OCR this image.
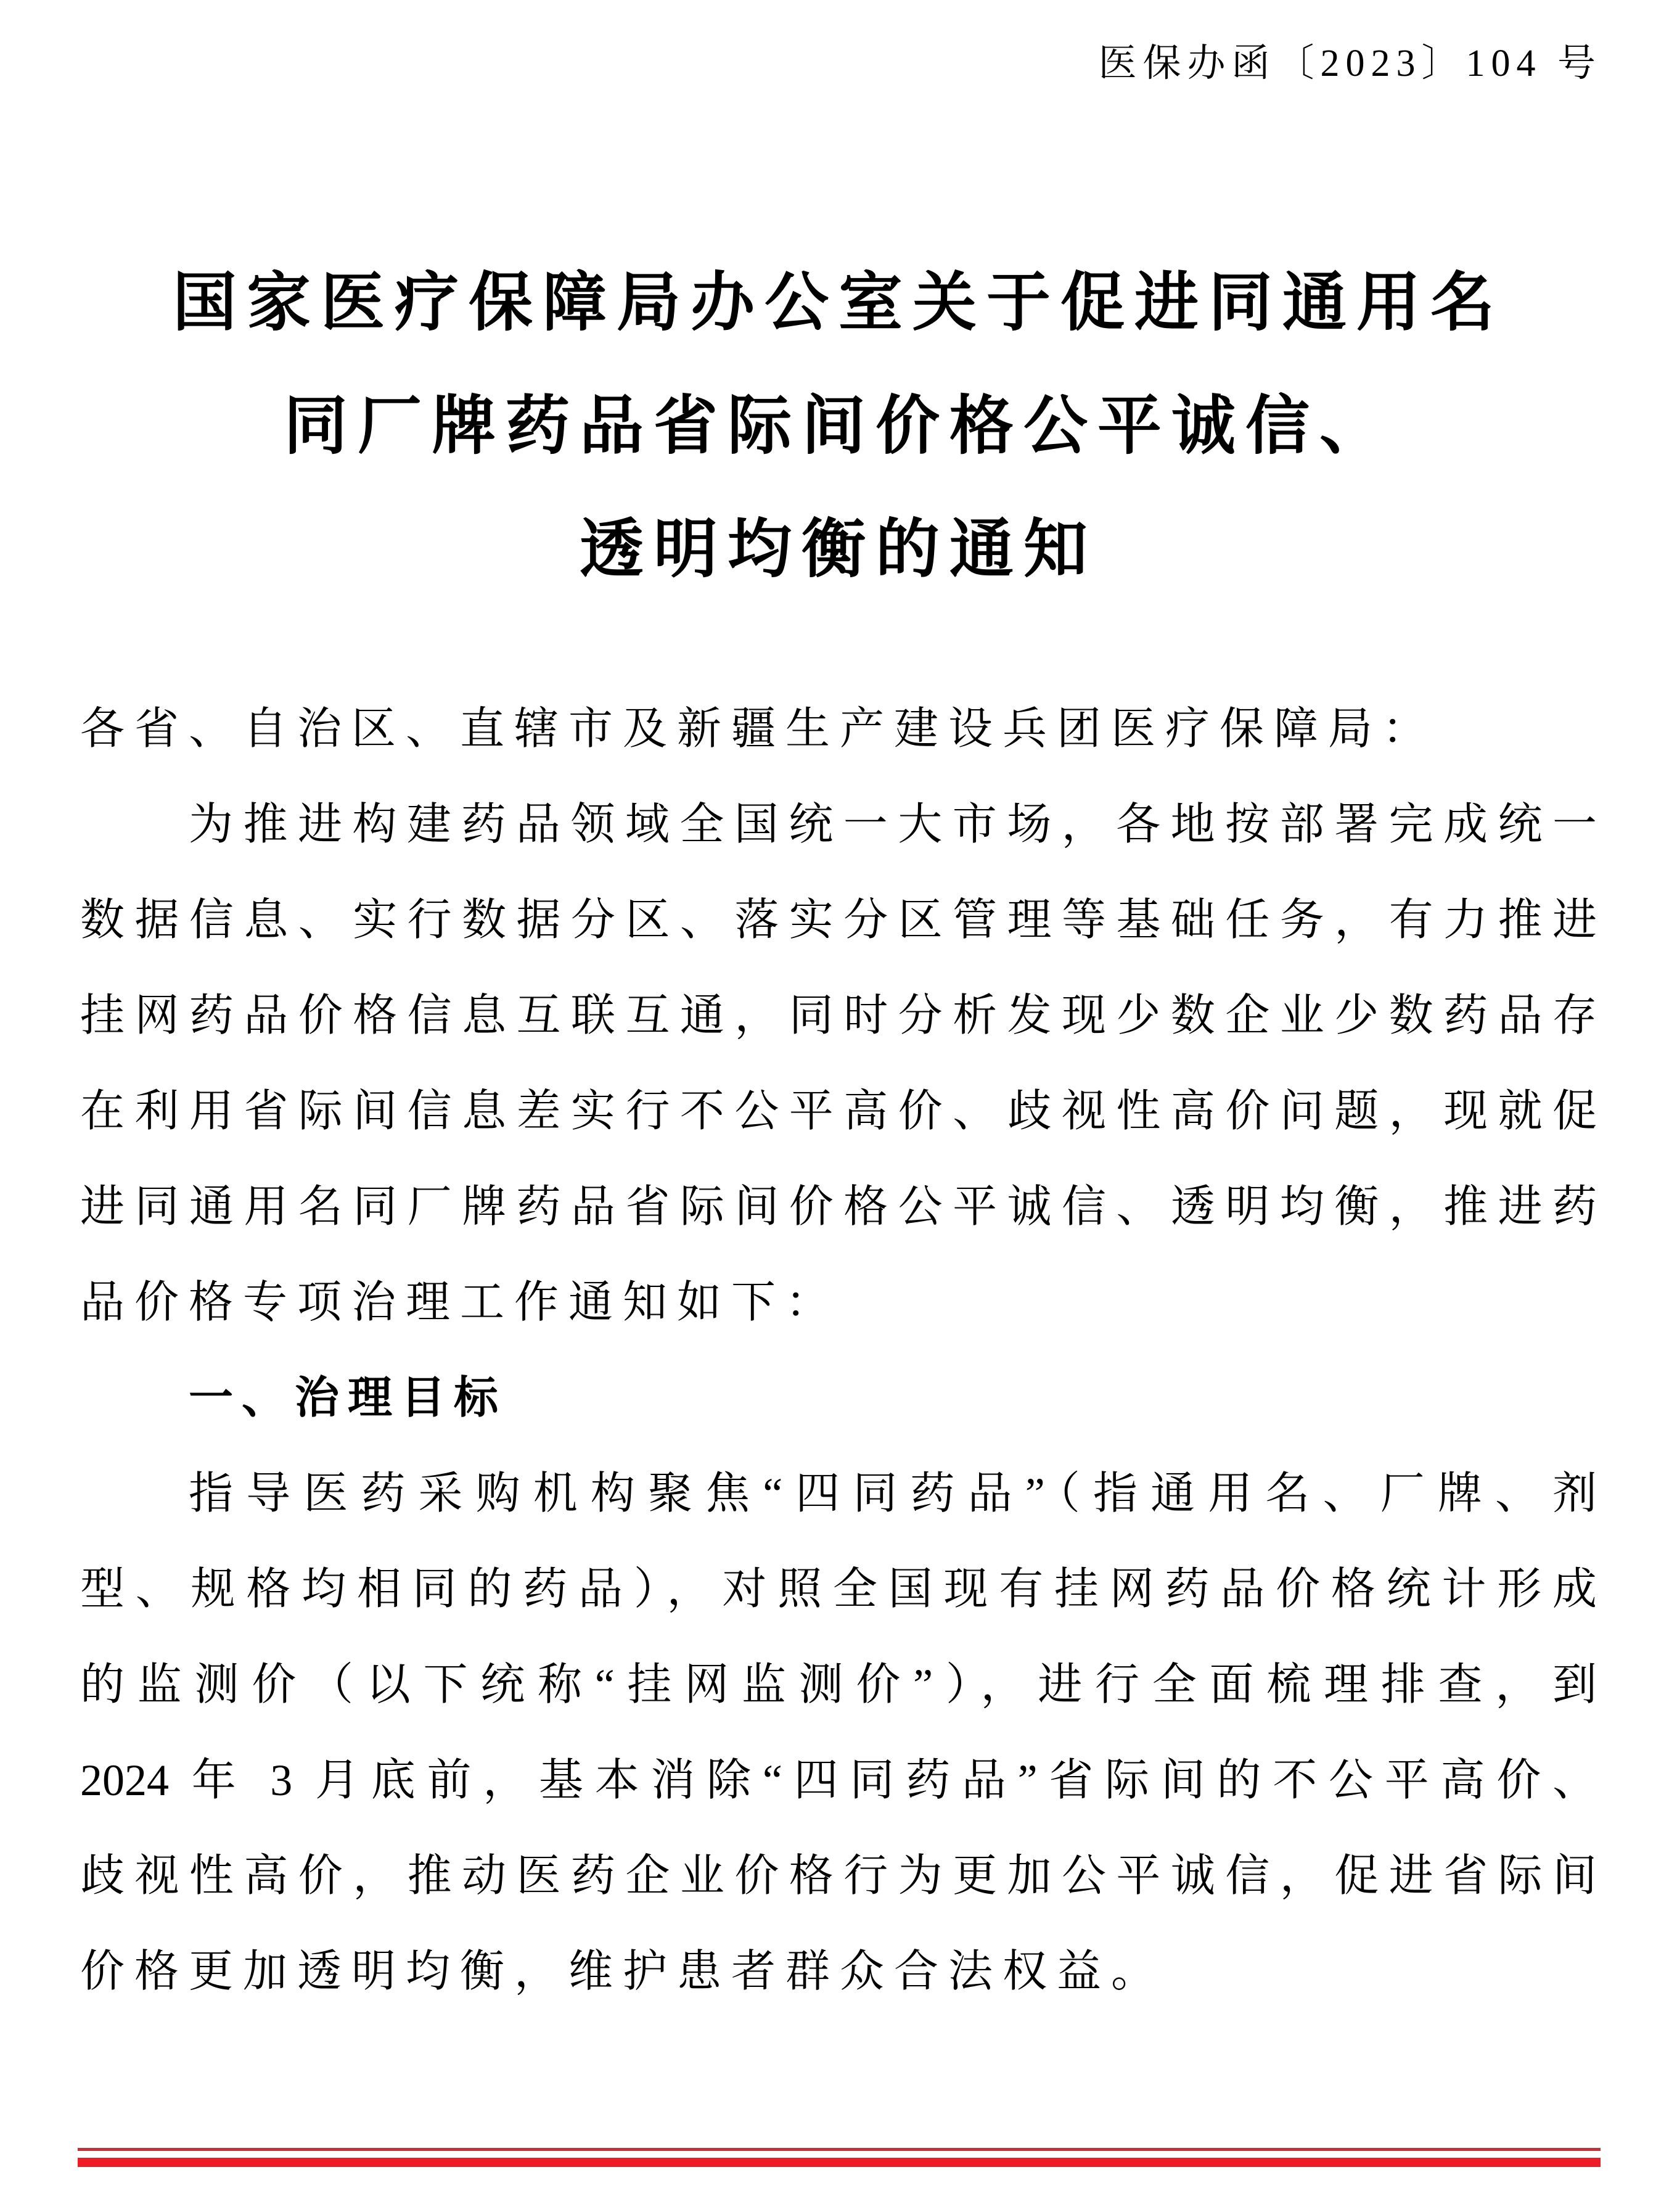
医保办函〔2023〕104 号
国家医疗保障局办公室关于促进同通用名
同厂牌药品省际间价格公平诚信、
透明均衡的通知
各省、自治区、直辖市及新疆生产建设兵团医疗保障局：
为推进构建药品领域全国统一大市场，各地按部署完成统一
数据信息、实行数据分区、落实分区管理等基础任务，有力推进
挂网药品价格信息互联互通，同时分析发现少数企业少数药品存
在利用省际间信息差实行不公平高价、歧视性高价问题，现就促
进同通用名同厂牌药品省际间价格公平诚信、透明均衡，推进药
品价格专项治理工作通知如下：
一、治理目标
指导医药采购机构聚焦“四同药品”（指通用名、厂牌、剂
型、规格均相同的药品），对照全国现有挂网药品价格统计形成
的监测价（以下统称“挂网监测价”），进行全面梳理排查，到
2024 年 3 月底前，基本消除“四同药品”省际间的不公平高价、
歧视性高价，推动医药企业价格行为更加公平诚信，促进省际间
价格更加透明均衡，维护患者群众合法权益。
